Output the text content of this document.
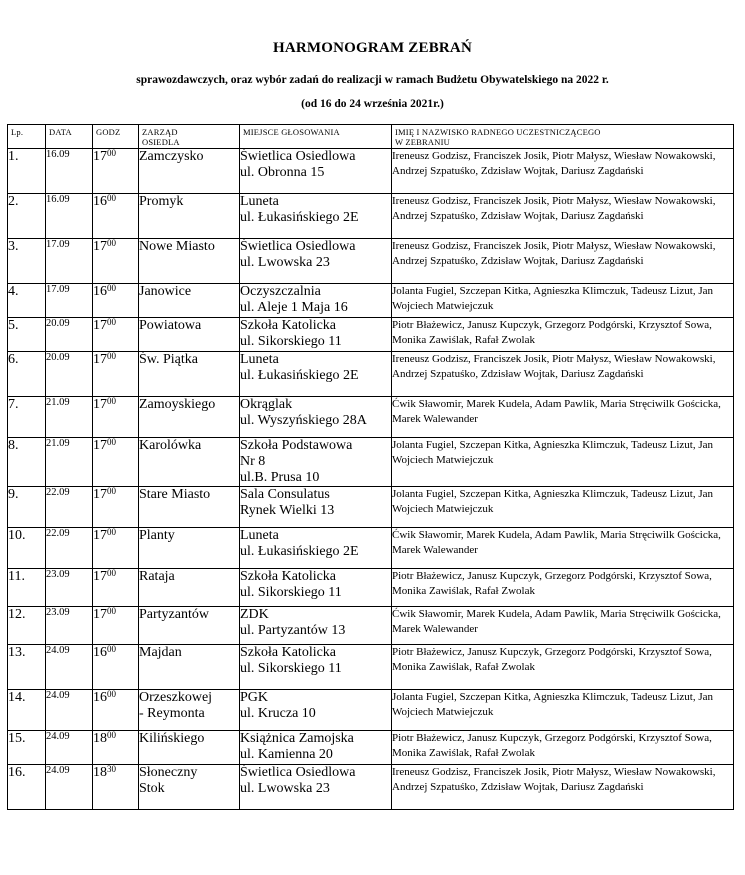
HARMONOGRAM ZEBRAŃ
sprawozdawczych, oraz wybór zadań do realizacji w ramach Budżetu Obywatelskiego na 2022 r.
(od 16 do 24 września 2021r.)
Lp.	DATA	GODZ	ZARZĄD
OSIEDLA	MIEJSCE GŁOSOWANIA	IMIĘ I NAZWISKO RADNEGO UCZESTNICZĄCEGO
W ZEBRANIU
1.	16.09	$17^{00}$	Zamczysko	Świetlica Osiedlowa
ul. Obronna 15	Ireneusz Godzisz, Franciszek Josik, Piotr Małysz, Wiesław Nowakowski, Andrzej Szpatuśko, Zdzisław Wojtak, Dariusz Zagdański
2.	16.09	$16^{00}$	Promyk	Luneta
ul. Łukasińskiego 2E	Ireneusz Godzisz, Franciszek Josik, Piotr Małysz, Wiesław Nowakowski, Andrzej Szpatuśko, Zdzisław Wojtak, Dariusz Zagdański
3.	17.09	$17^{00}$	Nowe Miasto	Świetlica Osiedlowa
ul. Lwowska 23	Ireneusz Godzisz, Franciszek Josik, Piotr Małysz, Wiesław Nowakowski, Andrzej Szpatuśko, Zdzisław Wojtak, Dariusz Zagdański
4.	17.09	$16^{00}$	Janowice	Oczyszczalnia
ul. Aleje 1 Maja 16	Jolanta Fugiel, Szczepan Kitka, Agnieszka Klimczuk, Tadeusz Lizut, Jan Wojciech Matwiejczuk
5.	20.09	$17^{00}$	Powiatowa	Szkoła Katolicka
ul. Sikorskiego 11	Piotr Błażewicz, Janusz Kupczyk, Grzegorz Podgórski, Krzysztof Sowa, Monika Zawiślak, Rafał Zwolak
6.	20.09	$17^{00}$	Św. Piątka	Luneta
ul. Łukasińskiego 2E	Ireneusz Godzisz, Franciszek Josik, Piotr Małysz, Wiesław Nowakowski, Andrzej Szpatuśko, Zdzisław Wojtak, Dariusz Zagdański
7.	21.09	$17^{00}$	Zamoyskiego	Okrąglak
ul. Wyszyńskiego 28A	Ćwik Sławomir, Marek Kudela, Adam Pawlik, Maria Stręciwilk Gościcka, Marek Walewander
8.	21.09	$17^{00}$	Karolówka	Szkoła Podstawowa
Nr 8
ul.B. Prusa 10	Jolanta Fugiel, Szczepan Kitka, Agnieszka Klimczuk, Tadeusz Lizut, Jan Wojciech Matwiejczuk
9.	22.09	$17^{00}$	Stare Miasto	Sala Consulatus
Rynek Wielki 13	Jolanta Fugiel, Szczepan Kitka, Agnieszka Klimczuk, Tadeusz Lizut, Jan Wojciech Matwiejczuk
10.	22.09	$17^{00}$	Planty	Luneta
ul. Łukasińskiego 2E	Ćwik Sławomir, Marek Kudela, Adam Pawlik, Maria Stręciwilk Gościcka, Marek Walewander
11.	23.09	$17^{00}$	Rataja	Szkoła Katolicka
ul. Sikorskiego 11	Piotr Błażewicz, Janusz Kupczyk, Grzegorz Podgórski, Krzysztof Sowa, Monika Zawiślak, Rafał Zwolak
12.	23.09	$17^{00}$	Partyzantów	ZDK
ul. Partyzantów 13	Ćwik Sławomir, Marek Kudela, Adam Pawlik, Maria Stręciwilk Gościcka, Marek Walewander
13.	24.09	$16^{00}$	Majdan	Szkoła Katolicka
ul. Sikorskiego 11	Piotr Błażewicz, Janusz Kupczyk, Grzegorz Podgórski, Krzysztof Sowa, Monika Zawiślak, Rafał Zwolak
14.	24.09	$16^{00}$	Orzeszkowej
- Reymonta	PGK
ul. Krucza 10	Jolanta Fugiel, Szczepan Kitka, Agnieszka Klimczuk, Tadeusz Lizut, Jan Wojciech Matwiejczuk
15.	24.09	$18^{00}$	Kilińskiego	Książnica Zamojska
ul. Kamienna 20	Piotr Błażewicz, Janusz Kupczyk, Grzegorz Podgórski, Krzysztof Sowa, Monika Zawiślak, Rafał Zwolak
16.	24.09	$18^{30}$	Słoneczny
Stok	Świetlica Osiedlowa
ul. Lwowska 23	Ireneusz Godzisz, Franciszek Josik, Piotr Małysz, Wiesław Nowakowski, Andrzej Szpatuśko, Zdzisław Wojtak, Dariusz Zagdański
